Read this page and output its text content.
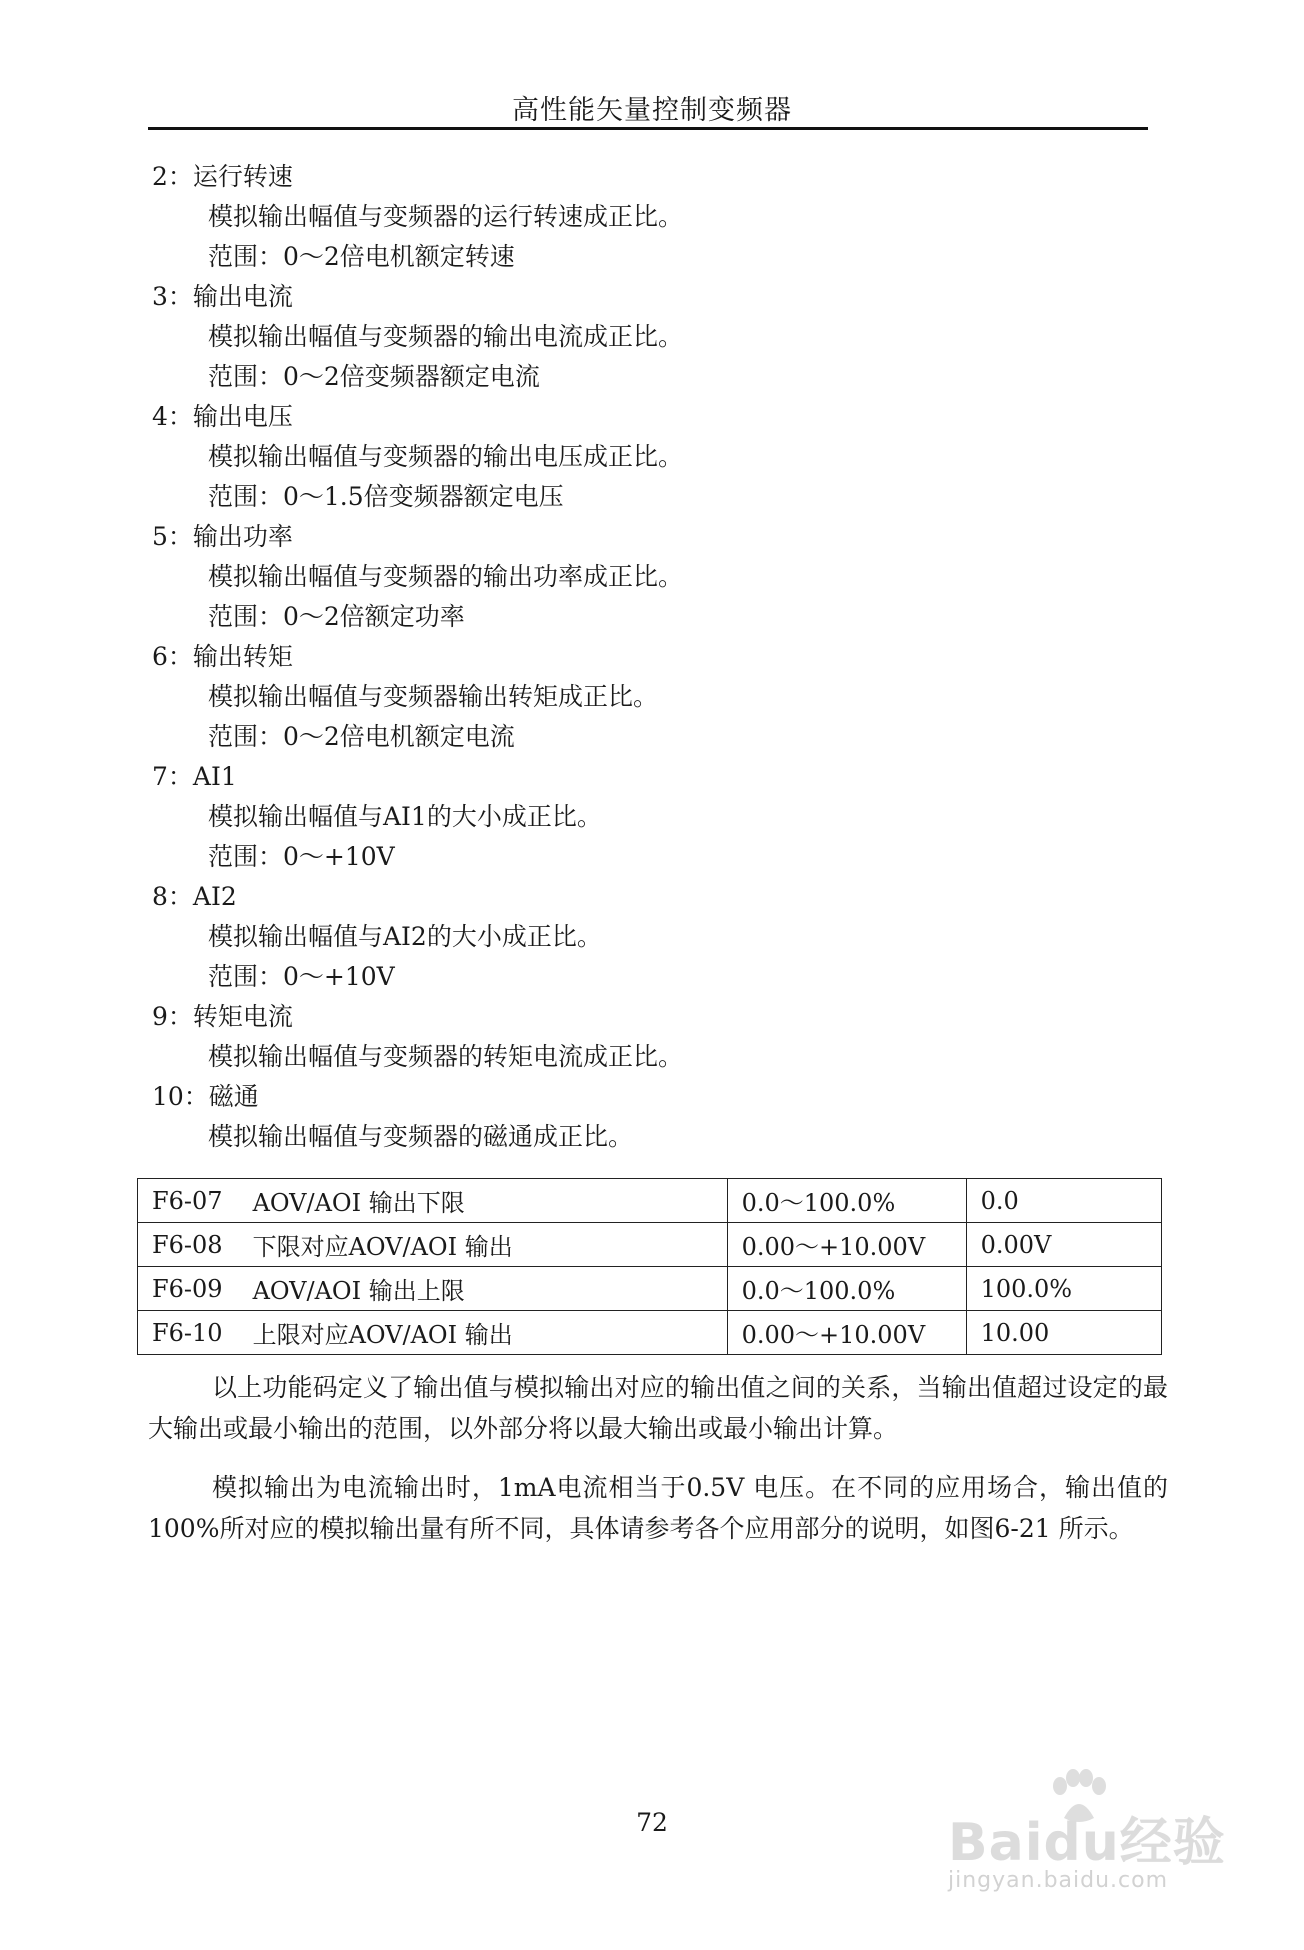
高性能矢量控制变频器
2：运行转速
模拟输出幅值与变频器的运行转速成正比。
范围：0～2倍电机额定转速
3：输出电流
模拟输出幅值与变频器的输出电流成正比。
范围：0～2倍变频器额定电流
4：输出电压
模拟输出幅值与变频器的输出电压成正比。
范围：0～1.5倍变频器额定电压
5：输出功率
模拟输出幅值与变频器的输出功率成正比。
范围：0～2倍额定功率
6：输出转矩
模拟输出幅值与变频器输出转矩成正比。
范围：0～2倍电机额定电流
7：AI1
模拟输出幅值与AI1的大小成正比。
范围：0～+10V
8：AI2
模拟输出幅值与AI2的大小成正比。
范围：0～+10V
9：转矩电流
模拟输出幅值与变频器的转矩电流成正比。
10：磁通
模拟输出幅值与变频器的磁通成正比。
F6-07	AOV/AOI 输出下限	0.0～100.0%	0.0
F6-08	下限对应AOV/AOI 输出	0.00～+10.00V	0.00V
F6-09	AOV/AOI 输出上限	0.0～100.0%	100.0%
F6-10	上限对应AOV/AOI 输出	0.00～+10.00V	10.00

以上功能码定义了输出值与模拟输出对应的输出值之间的关系，当输出值超过设定的最大输出或最小输出的范围，以外部分将以最大输出或最小输出计算。

模拟输出为电流输出时，1mA电流相当于0.5V 电压。在不同的应用场合，输出值的100%所对应的模拟输出量有所不同，具体请参考各个应用部分的说明，如图6-21 所示。

72	Baidu经验
jingyan.baidu.com
